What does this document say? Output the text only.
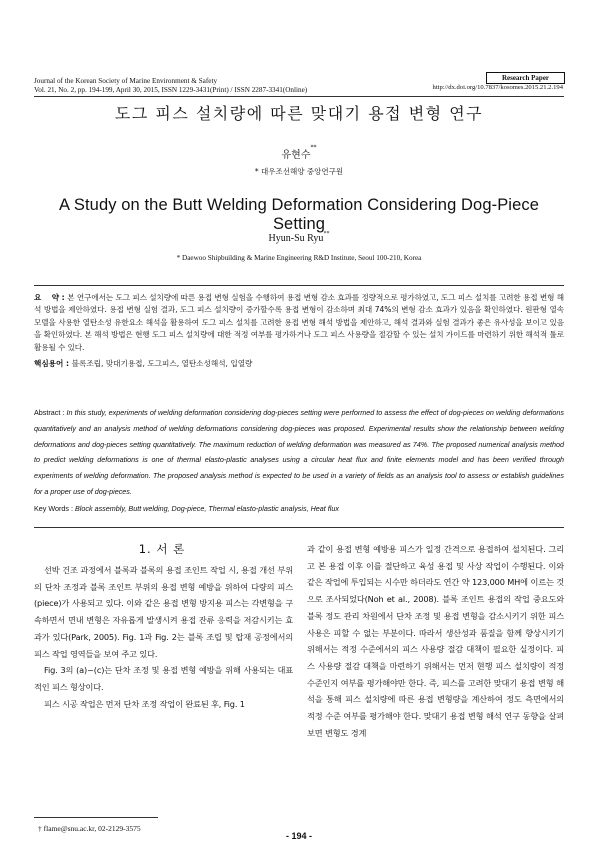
Journal of the Korean Society of Marine Environment & Safety
Vol. 21, No. 2, pp. 194-199, April 30, 2015, ISSN 1229-3431(Print) / ISSN 2287-3341(Online)
Research Paper
http://dx.doi.org/10.7837/kosomes.2015.21.2.194
도그 피스 설치량에 따른 맞대기 용접 변형 연구
유현수**
* 대우조선해양 중앙연구원
A Study on the Butt Welding Deformation Considering Dog-Piece Setting
Hyun-Su Ryu**
* Daewoo Shipbuilding & Marine Engineering R&D Institute, Seoul 100-210, Korea
요    약 : 본 연구에서는 도그 피스 설치량에 따른 용접 변형 실험을 수행하여 용접 변형 감소 효과를 정량적으로 평가하였고, 도그 피스 설치를 고려한 용접 변형 해석 방법을 제안하였다. 용접 변형 실험 결과, 도그 피스 설치량이 증가할수록 용접 변형이 감소하며 최대 74%의 변형 감소 효과가 있음을 확인하였다. 원판형 열속 모델을 사용한 열탄소성 유한요소 해석을 활용하여 도그 피스 설치를 고려한 용접 변형 해석 방법을 제안하고, 해석 결과와 실험 결과가 좋은 유사성을 보이고 있음을 확인하였다. 본 해석 방법은 현행 도그 피스 설치량에 대한 적정 여부를 평가하거나 도그 피스 사용량을 절감할 수 있는 설치 가이드를 마련하기 위한 해석적 툴로 활용될 수 있다.
핵심용어 : 블록조립, 맞대기용접, 도그피스, 열탄소성해석, 입열량
Abstract : In this study, experiments of welding deformation considering dog-pieces setting were performed to assess the effect of dog-pieces on welding deformations quantitatively and an analysis method of welding deformations considering dog-pieces was proposed. Experimental results show the relationship between welding deformations and dog-pieces setting quantitatively. The maximum reduction of welding deformation was measured as 74%. The proposed numerical analysis method to predict welding deformations is one of thermal elasto-plastic analyses using a circular heat flux and finite elements model and has been verified through experiments of welding deformation. The proposed analysis method is expected to be used in a variety of fields as an analysis tool to assess or establish guidelines for a proper use of dog-pieces.
Key Words : Block assembly, Butt welding, Dog-piece, Thermal elasto-plastic analysis, Heat flux
1. 서 론

선박 건조 과정에서 블록과 블록의 용접 조인트 작업 시, 용접 개선 부위의 단차 조정과 블록 조인트 부위의 용접 변형 예방을 위하여 다량의 피스(piece)가 사용되고 있다. 이와 같은 용접 변형 방지용 피스는 각변형을 구속하면서 면내 변형은 자유롭게 발생시켜 용접 잔류 응력을 저감시키는 효과가 있다(Park, 2005). Fig. 1과 Fig. 2는 블록 조립 및 탑재 공정에서의 피스 작업 영역들을 보여 주고 있다.

Fig. 3의 (a)~(c)는 단차 조정 및 용접 변형 예방을 위해 사용되는 대표적인 피스 형상이다.

피스 시공 작업은 먼저 단차 조정 작업이 완료된 후, Fig. 1

과 같이 용접 변형 예방용 피스가 일정 간격으로 용접하여 설치된다. 그리고 본 용접 이후 이를 절단하고 육성 용접 및 사상 작업이 수행된다. 이와 같은 작업에 투입되는 시수만 하더라도 연간 약 123,000 MH에 이르는 것으로 조사되었다(Noh et al., 2008). 블록 조인트 용접의 작업 중요도와 블록 정도 관리 차원에서 단차 조정 및 용접 변형을 감소시키기 위한 피스 사용은 피할 수 없는 부분이다. 따라서 생산성과 품질을 함께 향상시키기 위해서는 적정 수준에서의 피스 사용량 절감 대책이 필요한 실정이다. 피스 사용량 절감 대책을 마련하기 위해서는 먼저 현행 피스 설치량이 적정 수준인지 여부를 평가해야만 한다. 즉, 피스를 고려한 맞대기 용접 변형 해석을 통해 피스 설치량에 따른 용접 변형량을 계산하여 정도 측면에서의 적정 수준 여부를 평가해야 한다. 맞대기 용접 변형 해석 연구 동향을 살펴보면 변형도 경계

† flame@snu.ac.kr, 02-2129-3575
- 194 -
